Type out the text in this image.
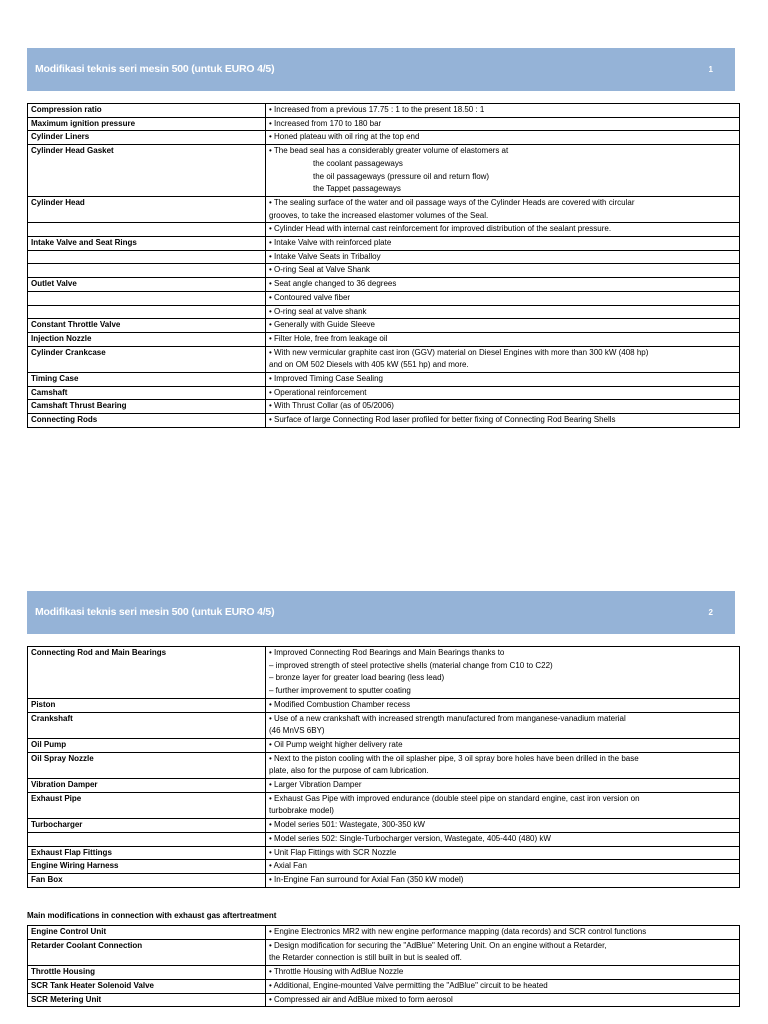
Modifikasi teknis seri mesin 500 (untuk EURO 4/5)	1
Compression ratio	• Increased from a previous 17.75 : 1 to the present 18.50 : 1

Maximum ignition pressure	• Increased from 170 to 180 bar

Cylinder Liners	• Honed plateau with oil ring at the top end

Cylinder Head Gasket	• The bead seal has a considerably greater volume of elastomers at
the coolant passageways
the oil passageways (pressure oil and return flow)
the Tappet passageways

Cylinder Head	• The sealing surface of the water and oil passage ways of the Cylinder Heads are covered with circular
grooves, to take the increased elastomer volumes of the Seal.

	• Cylinder Head with internal cast reinforcement for improved distribution of the sealant pressure.

Intake Valve and Seat Rings	• Intake Valve with reinforced plate

	• Intake Valve Seats in Triballoy

	• O-ring Seal at Valve Shank

Outlet Valve	• Seat angle changed to 36 degrees

	• Contoured valve fiber

	• O-ring seal at valve shank

Constant Throttle Valve	• Generally with Guide Sleeve

Injection Nozzle	• Filter Hole, free from leakage oil

Cylinder Crankcase	• With new vermicular graphite cast iron (GGV) material on Diesel Engines with more than 300 kW (408 hp)
and on OM 502 Diesels with 405 kW (551 hp) and more.

Timing Case	• Improved Timing Case Sealing

Camshaft	• Operational reinforcement

Camshaft Thrust Bearing	• With Thrust Collar (as of 05/2006)

Connecting Rods	• Surface of large Connecting Rod laser profiled for better fixing of Connecting Rod Bearing Shells
Modifikasi teknis seri mesin 500 (untuk EURO 4/5)	2
Connecting Rod and Main Bearings	• Improved Connecting Rod Bearings and Main Bearings thanks to
– improved strength of steel protective shells (material change from C10 to C22)
– bronze layer for greater load bearing (less lead)
– further improvement to sputter coating

Piston	• Modified Combustion Chamber recess

Crankshaft	• Use of a new crankshaft with increased strength manufactured from manganese-vanadium material
(46 MnVS 6BY)

Oil Pump	• Oil Pump weight higher delivery rate

Oil Spray Nozzle	• Next to the piston cooling with the oil splasher pipe, 3 oil spray bore holes have been drilled in the base
plate, also for the purpose of cam lubrication.

Vibration Damper	• Larger Vibration Damper

Exhaust Pipe	• Exhaust Gas Pipe with improved endurance (double steel pipe on standard engine, cast iron version on
turbobrake model)

Turbocharger	• Model series 501: Wastegate, 300-350 kW

	• Model series 502: Single-Turbocharger version, Wastegate, 405-440 (480) kW

Exhaust Flap Fittings	• Unit Flap Fittings with SCR Nozzle

Engine Wiring Harness	• Axial Fan

Fan Box	• In-Engine Fan surround for Axial Fan (350 kW model)
Main modifications in connection with exhaust gas aftertreatment
Engine Control Unit	• Engine Electronics MR2 with new engine performance mapping (data records) and SCR control functions

Retarder Coolant Connection	• Design modification for securing the "AdBlue" Metering Unit. On an engine without a Retarder,
the Retarder connection is still built in but is sealed off.

Throttle Housing	• Throttle Housing with AdBlue Nozzle

SCR Tank Heater Solenoid Valve	• Additional, Engine-mounted Valve permitting the "AdBlue" circuit to be heated

SCR Metering Unit	• Compressed air and AdBlue mixed to form aerosol
